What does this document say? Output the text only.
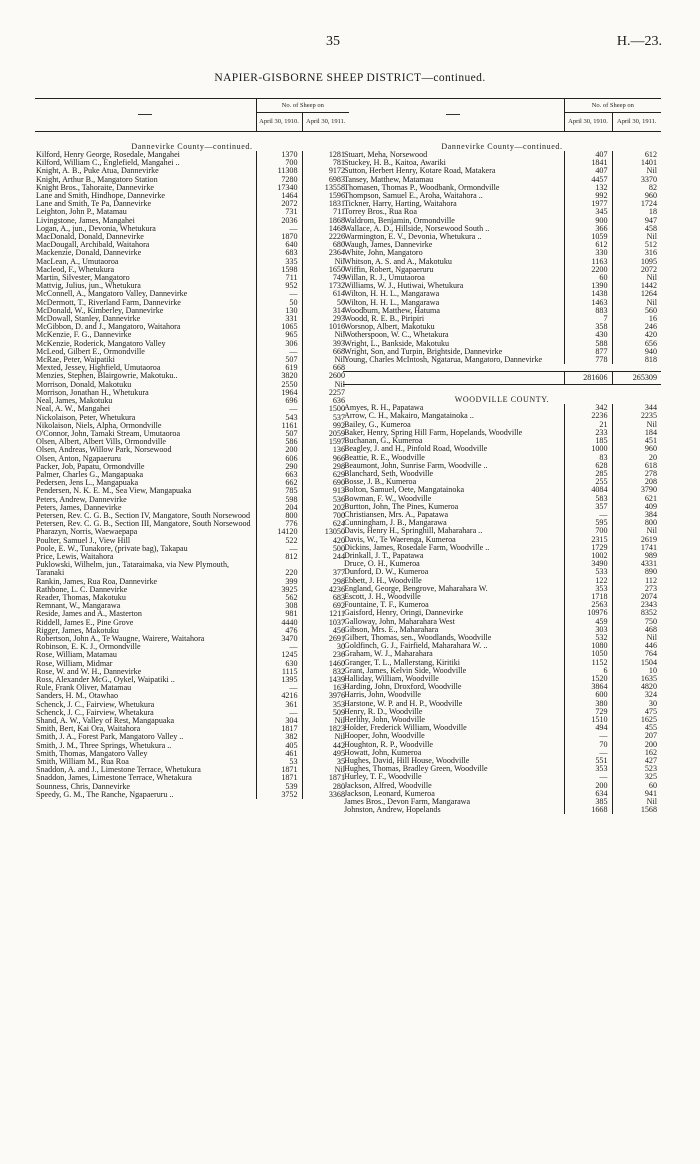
35	H.—23.
NAPIER-GISBORNE SHEEP DISTRICT—continued.
	No. of Sheep on	
	April 30, 1910.	April 30, 1911.

Dannevirke County—continued.		
Kilford, Henry George, Rosedale, Mangahei	1370	1281
Kilford, William C., Englefield, Mangahei ..	700	781
Knight, A. B., Puke Atua, Dannevirke	11308	9172
Knight, Arthur B., Mangatoro Station	7280	6983
Knight Bros., Tahoraite, Dannevirke	17340	13558
Lane and Smith, Hindhope, Dannevirke	1464	1596
Lane and Smith, Te Pa, Dannevirke	2072	1831
Leighton, John P., Matamau	731	711
Livingstone, James, Mangahei	2036	1868
Logan, A., jun., Devonia, Whetukura	—	1468
MacDonald, Donald, Dannevirke	1870	2226
MacDougall, Archibald, Waitahora	640	680
Mackenzie, Donald, Dannevirke	683	2364
MacLean, A., Umutaoroa	335	Nil
Macleod, F., Whetukura	1598	1650
Martin, Silvester, Mangatoro	711	749
Mattvig, Julius, jun., Whetukura	952	1732
McConnell, A., Mangatoro Valley, Dannevirke	—	614
McDermott, T., Riverland Farm, Dannevirke	50	50
McDonald, W., Kimberley, Dannevirke	130	314
McDowall, Stanley, Dannevirke	331	293
McGibbon, D. and J., Mangatoro, Waitahora	1065	1016
McKenzie, F. G., Dannevirke	965	Nil
McKenzie, Roderick, Mangatoro Valley	306	393
McLeod, Gilbert E., Ormondville	—	668
McRae, Peter, Waipatiki	507	Nil
Mexted, Jessey, Highfield, Umutaoroa	619	668
Menzies, Stephen, Blairgowrie, Makotuku..	3820	2600
Morrison, Donald, Makotuku	2550	Nil
Morrison, Jonathan H., Whetukura	1964	2257
Neal, James, Makotuku	696	636
Neal, A. W., Mangahei	—	1500
Nickolaison, Peter, Whetukura	543	537
Nikolaison, Niels, Alpha, Ormondville	1161	992
O'Connor, John, Tamaki Stream, Umutaoroa	507	2059
Olsen, Albert, Albert Vills, Ormondville	586	1597
Olsen, Andreas, Willow Park, Norsewood	200	136
Olsen, Anton, Ngapaeruru	606	966
Packer, Job, Papatu, Ormondville	290	298
Palmer, Charles G., Mangapuaka	663	629
Pedersen, Jens L., Mangapuaka	662	690
Pendersen, N. K. E. M., Sea View, Mangapuaka	785	913
Peters, Andrew, Dannevirke	598	536
Peters, James, Dannevirke	204	202
Petersen, Rev. C. G. B., Section IV, Mangatore, South Norsewood	800	700
Petersen, Rev. C. G. B., Section III, Mangatore, South Norsewood	776	624
Pharazyn, Norris, Waewaepapa	14120	13050
Poulter, Samuel J., View Hill	522	420
Poole, E. W., Tunakore, (private bag), Takapau	—	500
Price, Lewis, Waitahora	812	244
Puklowski, Wilhelm, jun., Tataraimaka, via New Plymouth, Taranaki	220	377
Rankin, James, Rua Roa, Dannevirke	399	298
Rathbone, L. C. Dannevirke	3925	4236
Reader, Thomas, Makotuku	562	683
Remnant, W., Mangarawa	308	692
Reside, James and A., Masterton	981	1211
Riddell, James E., Pine Grove	4440	1037
Rigger, James, Makotuku	476	456
Robertson, John A., Te Waugne, Wairere, Waitahora	3470	2691
Robinson, E. K. J., Ormondville	—	30
Rose, William, Matamau	1245	236
Rose, William, Midmar	630	1460
Rose, W. and W. H., Dannevirke	1115	832
Ross, Alexander McG., Oykel, Waipatiki ..	1395	1439
Rule, Frank Oliver, Matamau	—	163
Sanders, H. M., Otawhao	4216	3976
Schenck, J. C., Fairview, Whetukura	361	353
Schenck, J. C., Fairview, Whetakura	—	509
Shand, A. W., Valley of Rest, Mangapuaka	304	Nil
Smith, Bert, Kai Ora, Waitahora	1817	1823
Smith, J. A., Forest Park, Mangatoro Valley ..	382	Nil
Smith, J. M., Three Springs, Whetukura ..	405	442
Smith, Thomas, Mangatoro Valley	461	495
Smith, William M., Rua Roa	53	35
Snaddon, A. and J., Limestone Terrace, Whetukura	1871	Nil
Snaddon, James, Limestone Terrace, Whetakura	1871	1871
Sounness, Chris, Dannevirke	539	280
Speedy, G. M., The Ranche, Ngapaeruru ..	3752	3368
	No. of Sheep on	
	April 30, 1910.	April 30, 1911.

Dannevirke County—continued.		
Stuart, Meha, Norsewood	407	612
Stuckey, H. B., Kaitoa, Awariki	1841	1401
Sutton, Herbert Henry, Kotare Road, Matakera	407	Nil
Tansey, Matthew, Matamau	4457	3370
Thomasen, Thomas P., Woodbank, Ormondville	132	82
Thompson, Samuel E., Aroha, Waitahora ..	992	960
Tickner, Harry, Harting, Waitahora	1977	1724
Torrey Bros., Rua Roa	345	18
Waldrom, Benjamin, Ormondville	900	947
Wallace, A. D., Hillside, Norsewood South ..	366	458
Warmington, E. V., Devonia, Whetukura ..	1059	Nil
Waugh, James, Dannevirke	612	512
White, John, Mangatoro	330	316
Whitson, A. S. and A., Makotuku	1163	1095
Wiffin, Robert, Ngapaeruru	2200	2072
Willan, R. J., Umutaoroa	60	Nil
Williams, W. J., Hutiwai, Whetukura	1390	1442
Wilton, H. H. L., Mangarawa	1438	1264
Wilton, H. H. L., Mangarawa	1463	Nil
Woodburn, Matthew, Hatuma	883	560
Woodd, R. E. B., Piripiri	7	16
Worsnop, Albert, Makotuku	358	246
Wotherspoon, W. C., Whetakura	430	420
Wright, L., Bankside, Makotuku	588	656
Wright, Son, and Turpin, Brightside, Dannevirke	877	940
Young, Charles McIntosh, Ngatarua, Mangatoro, Dannevirke	778	818

	281606	265309

WOODVILLE COUNTY.		
Amyes, R. H., Papatawa	342	344
Arrow, C. H., Makairo, Mangatainoka ..	2236	2235
Bailey, G., Kumeroa	21	Nil
Baker, Henry, Spring Hill Farm, Hopelands, Woodville	233	184
Buchanan, G., Kumeroa	185	451
Beagley, J. and H., Pinfold Road, Woodville	1000	960
Beattie, R. E., Woodville	83	20
Beaumont, John, Sunrise Farm, Woodville ..	628	618
Blanchard, Seth, Woodville	285	278
Bosse, J. B., Kumeroa	255	208
Bolton, Samuel, Oete, Mangatainoka	4084	3790
Bowman, F. W., Woodville	583	621
Burtton, John, The Pines, Kumeroa	357	409
Christiansen, Mrs. A., Papatawa	—	384
Cunningham, J. B., Mangarawa	595	800
Davis, Henry H., Springhill, Maharahara ..	700	Nil
Davis, W., Te Waerenga, Kumeroa	2315	2619
Dickins, James, Rosedale Farm, Woodville ..	1729	1741
Drinkall, J. T., Papatawa	1002	989
Druce, O. H., Kumeroa	3490	4331
Dunford, D. W., Kumeroa	533	890
Ebbett, J. H., Woodville	122	112
England, George, Bengrove, Maharahara W.	353	273
Escott, J. H., Woodville	1718	2074
Fountaine, T. F., Kumeroa	2563	2343
Gaisford, Henry, Oringi, Dannevirke	10976	8352
Galloway, John, Maharahara West	459	750
Gibson, Mrs. E., Maharahara	303	468
Gilbert, Thomas, sen., Woodlands, Woodville	532	Nil
Goldfinch, G. J., Fairfield, Maharahara W. ..	1080	446
Graham, W. J., Maharahara	1050	764
Granger, T. L., Mallerstang, Kiritiki	1152	1504
Grant, James, Kelvin Side, Woodville	6	10
Halliday, William, Woodville	1520	1635
Harding, John, Droxford, Woodville	3864	4820
Harris, John, Woodville	600	324
Harstone, W. P. and H. P., Woodville	380	30
Henry, R. D., Woodville	729	475
Herlihy, John, Woodville	1510	1625
Holder, Frederick William, Woodville	494	455
Hooper, John, Woodville	—	207
Houghton, R. P., Woodville	70	200
Howatt, John, Kumeroa	—	162
Hughes, David, Hill House, Woodville	551	427
Hughes, Thomas, Bradley Green, Woodville	353	523
Hurley, T. F., Woodville	—	325
Jackson, Alfred, Woodville	200	60
Jackson, Leonard, Kumeroa	634	941
James Bros., Devon Farm, Mangarawa	385	Nil
Johnston, Andrew, Hopelands	1668	1568
